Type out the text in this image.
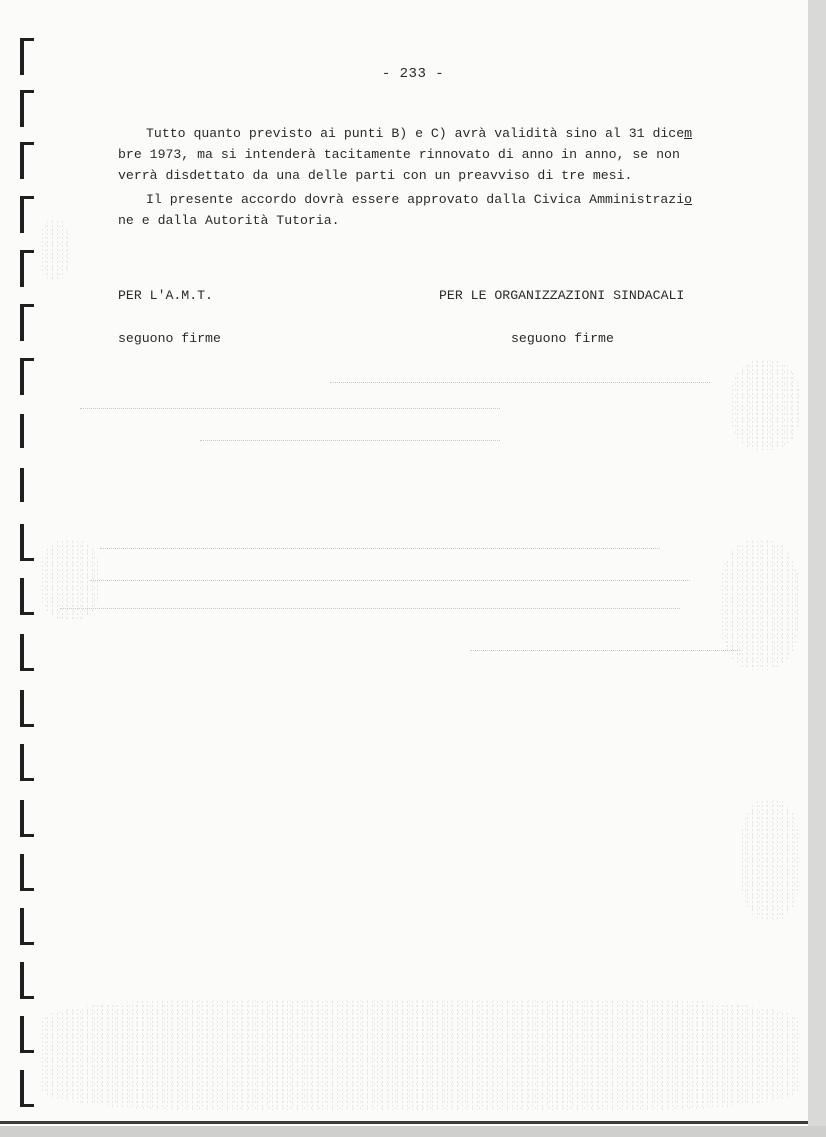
- 233 -
Tutto quanto previsto ai punti B) e C) avrà validità sino al 31 dicem
bre 1973, ma si intenderà tacitamente rinnovato di anno in anno, se non
verrà disdettato da una delle parti con un preavviso di tre mesi.
Il presente accordo dovrà essere approvato dalla Civica Amministrazio
ne e dalla Autorità Tutoria.
PER L'A.M.T.	PER LE ORGANIZZAZIONI SINDACALI
seguono firme	seguono firme
